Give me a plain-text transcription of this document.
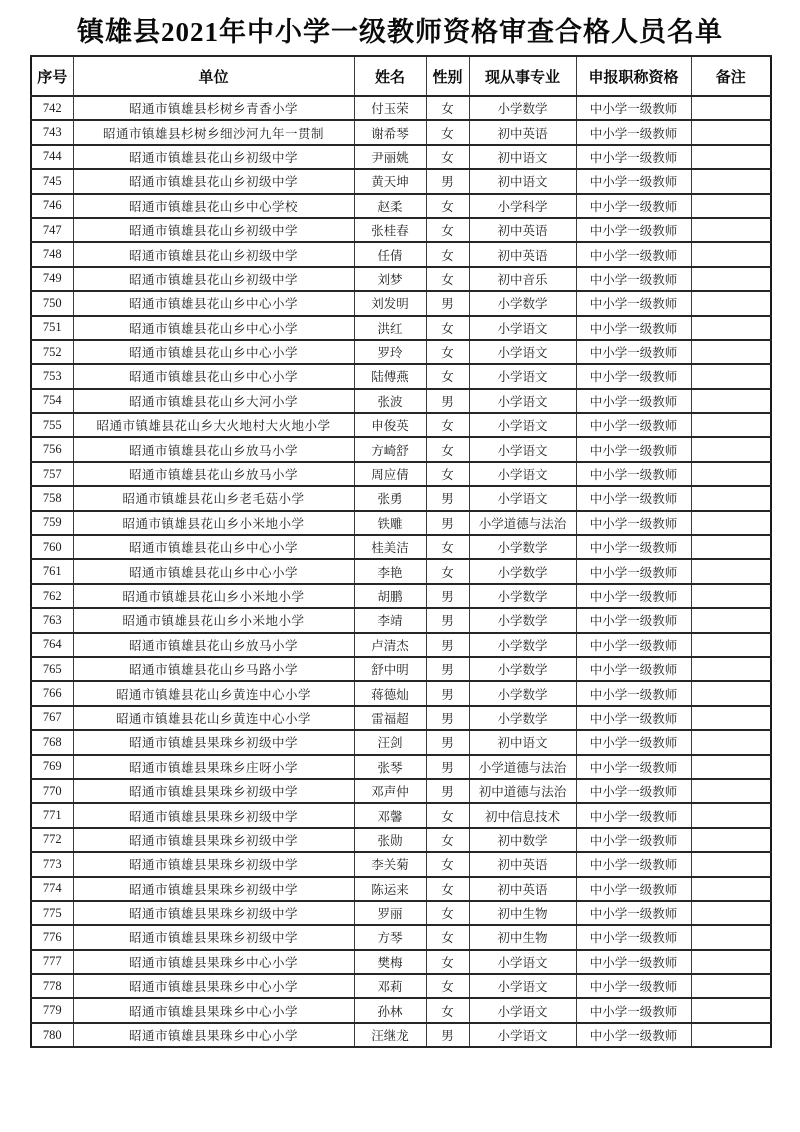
镇雄县2021年中小学一级教师资格审查合格人员名单
序号	单位	姓名	性别	现从事专业	申报职称资格	备注
742	昭通市镇雄县杉树乡青香小学	付玉荣	女	小学数学	中小学一级教师	
743	昭通市镇雄县杉树乡细沙河九年一贯制	谢希琴	女	初中英语	中小学一级教师	
744	昭通市镇雄县花山乡初级中学	尹丽姚	女	初中语文	中小学一级教师	
745	昭通市镇雄县花山乡初级中学	黄天坤	男	初中语文	中小学一级教师	
746	昭通市镇雄县花山乡中心学校	赵柔	女	小学科学	中小学一级教师	
747	昭通市镇雄县花山乡初级中学	张桂春	女	初中英语	中小学一级教师	
748	昭通市镇雄县花山乡初级中学	任倩	女	初中英语	中小学一级教师	
749	昭通市镇雄县花山乡初级中学	刘梦	女	初中音乐	中小学一级教师	
750	昭通市镇雄县花山乡中心小学	刘发明	男	小学数学	中小学一级教师	
751	昭通市镇雄县花山乡中心小学	洪红	女	小学语文	中小学一级教师	
752	昭通市镇雄县花山乡中心小学	罗玲	女	小学语文	中小学一级教师	
753	昭通市镇雄县花山乡中心小学	陆傅燕	女	小学语文	中小学一级教师	
754	昭通市镇雄县花山乡大河小学	张波	男	小学语文	中小学一级教师	
755	昭通市镇雄县花山乡大火地村大火地小学	申俊英	女	小学语文	中小学一级教师	
756	昭通市镇雄县花山乡放马小学	方崎舒	女	小学语文	中小学一级教师	
757	昭通市镇雄县花山乡放马小学	周应倩	女	小学语文	中小学一级教师	
758	昭通市镇雄县花山乡老毛菇小学	张勇	男	小学语文	中小学一级教师	
759	昭通市镇雄县花山乡小米地小学	铁雕	男	小学道德与法治	中小学一级教师	
760	昭通市镇雄县花山乡中心小学	桂美洁	女	小学数学	中小学一级教师	
761	昭通市镇雄县花山乡中心小学	李艳	女	小学数学	中小学一级教师	
762	昭通市镇雄县花山乡小米地小学	胡鹏	男	小学数学	中小学一级教师	
763	昭通市镇雄县花山乡小米地小学	李靖	男	小学数学	中小学一级教师	
764	昭通市镇雄县花山乡放马小学	卢清杰	男	小学数学	中小学一级教师	
765	昭通市镇雄县花山乡马路小学	舒中明	男	小学数学	中小学一级教师	
766	昭通市镇雄县花山乡黄连中心小学	蒋德灿	男	小学数学	中小学一级教师	
767	昭通市镇雄县花山乡黄连中心小学	雷福超	男	小学数学	中小学一级教师	
768	昭通市镇雄县果珠乡初级中学	汪剑	男	初中语文	中小学一级教师	
769	昭通市镇雄县果珠乡庄呀小学	张琴	男	小学道德与法治	中小学一级教师	
770	昭通市镇雄县果珠乡初级中学	邓声仲	男	初中道德与法治	中小学一级教师	
771	昭通市镇雄县果珠乡初级中学	邓馨	女	初中信息技术	中小学一级教师	
772	昭通市镇雄县果珠乡初级中学	张勋	女	初中数学	中小学一级教师	
773	昭通市镇雄县果珠乡初级中学	李关菊	女	初中英语	中小学一级教师	
774	昭通市镇雄县果珠乡初级中学	陈运来	女	初中英语	中小学一级教师	
775	昭通市镇雄县果珠乡初级中学	罗丽	女	初中生物	中小学一级教师	
776	昭通市镇雄县果珠乡初级中学	方琴	女	初中生物	中小学一级教师	
777	昭通市镇雄县果珠乡中心小学	樊梅	女	小学语文	中小学一级教师	
778	昭通市镇雄县果珠乡中心小学	邓莉	女	小学语文	中小学一级教师	
779	昭通市镇雄县果珠乡中心小学	孙林	女	小学语文	中小学一级教师	
780	昭通市镇雄县果珠乡中心小学	汪继龙	男	小学语文	中小学一级教师	
